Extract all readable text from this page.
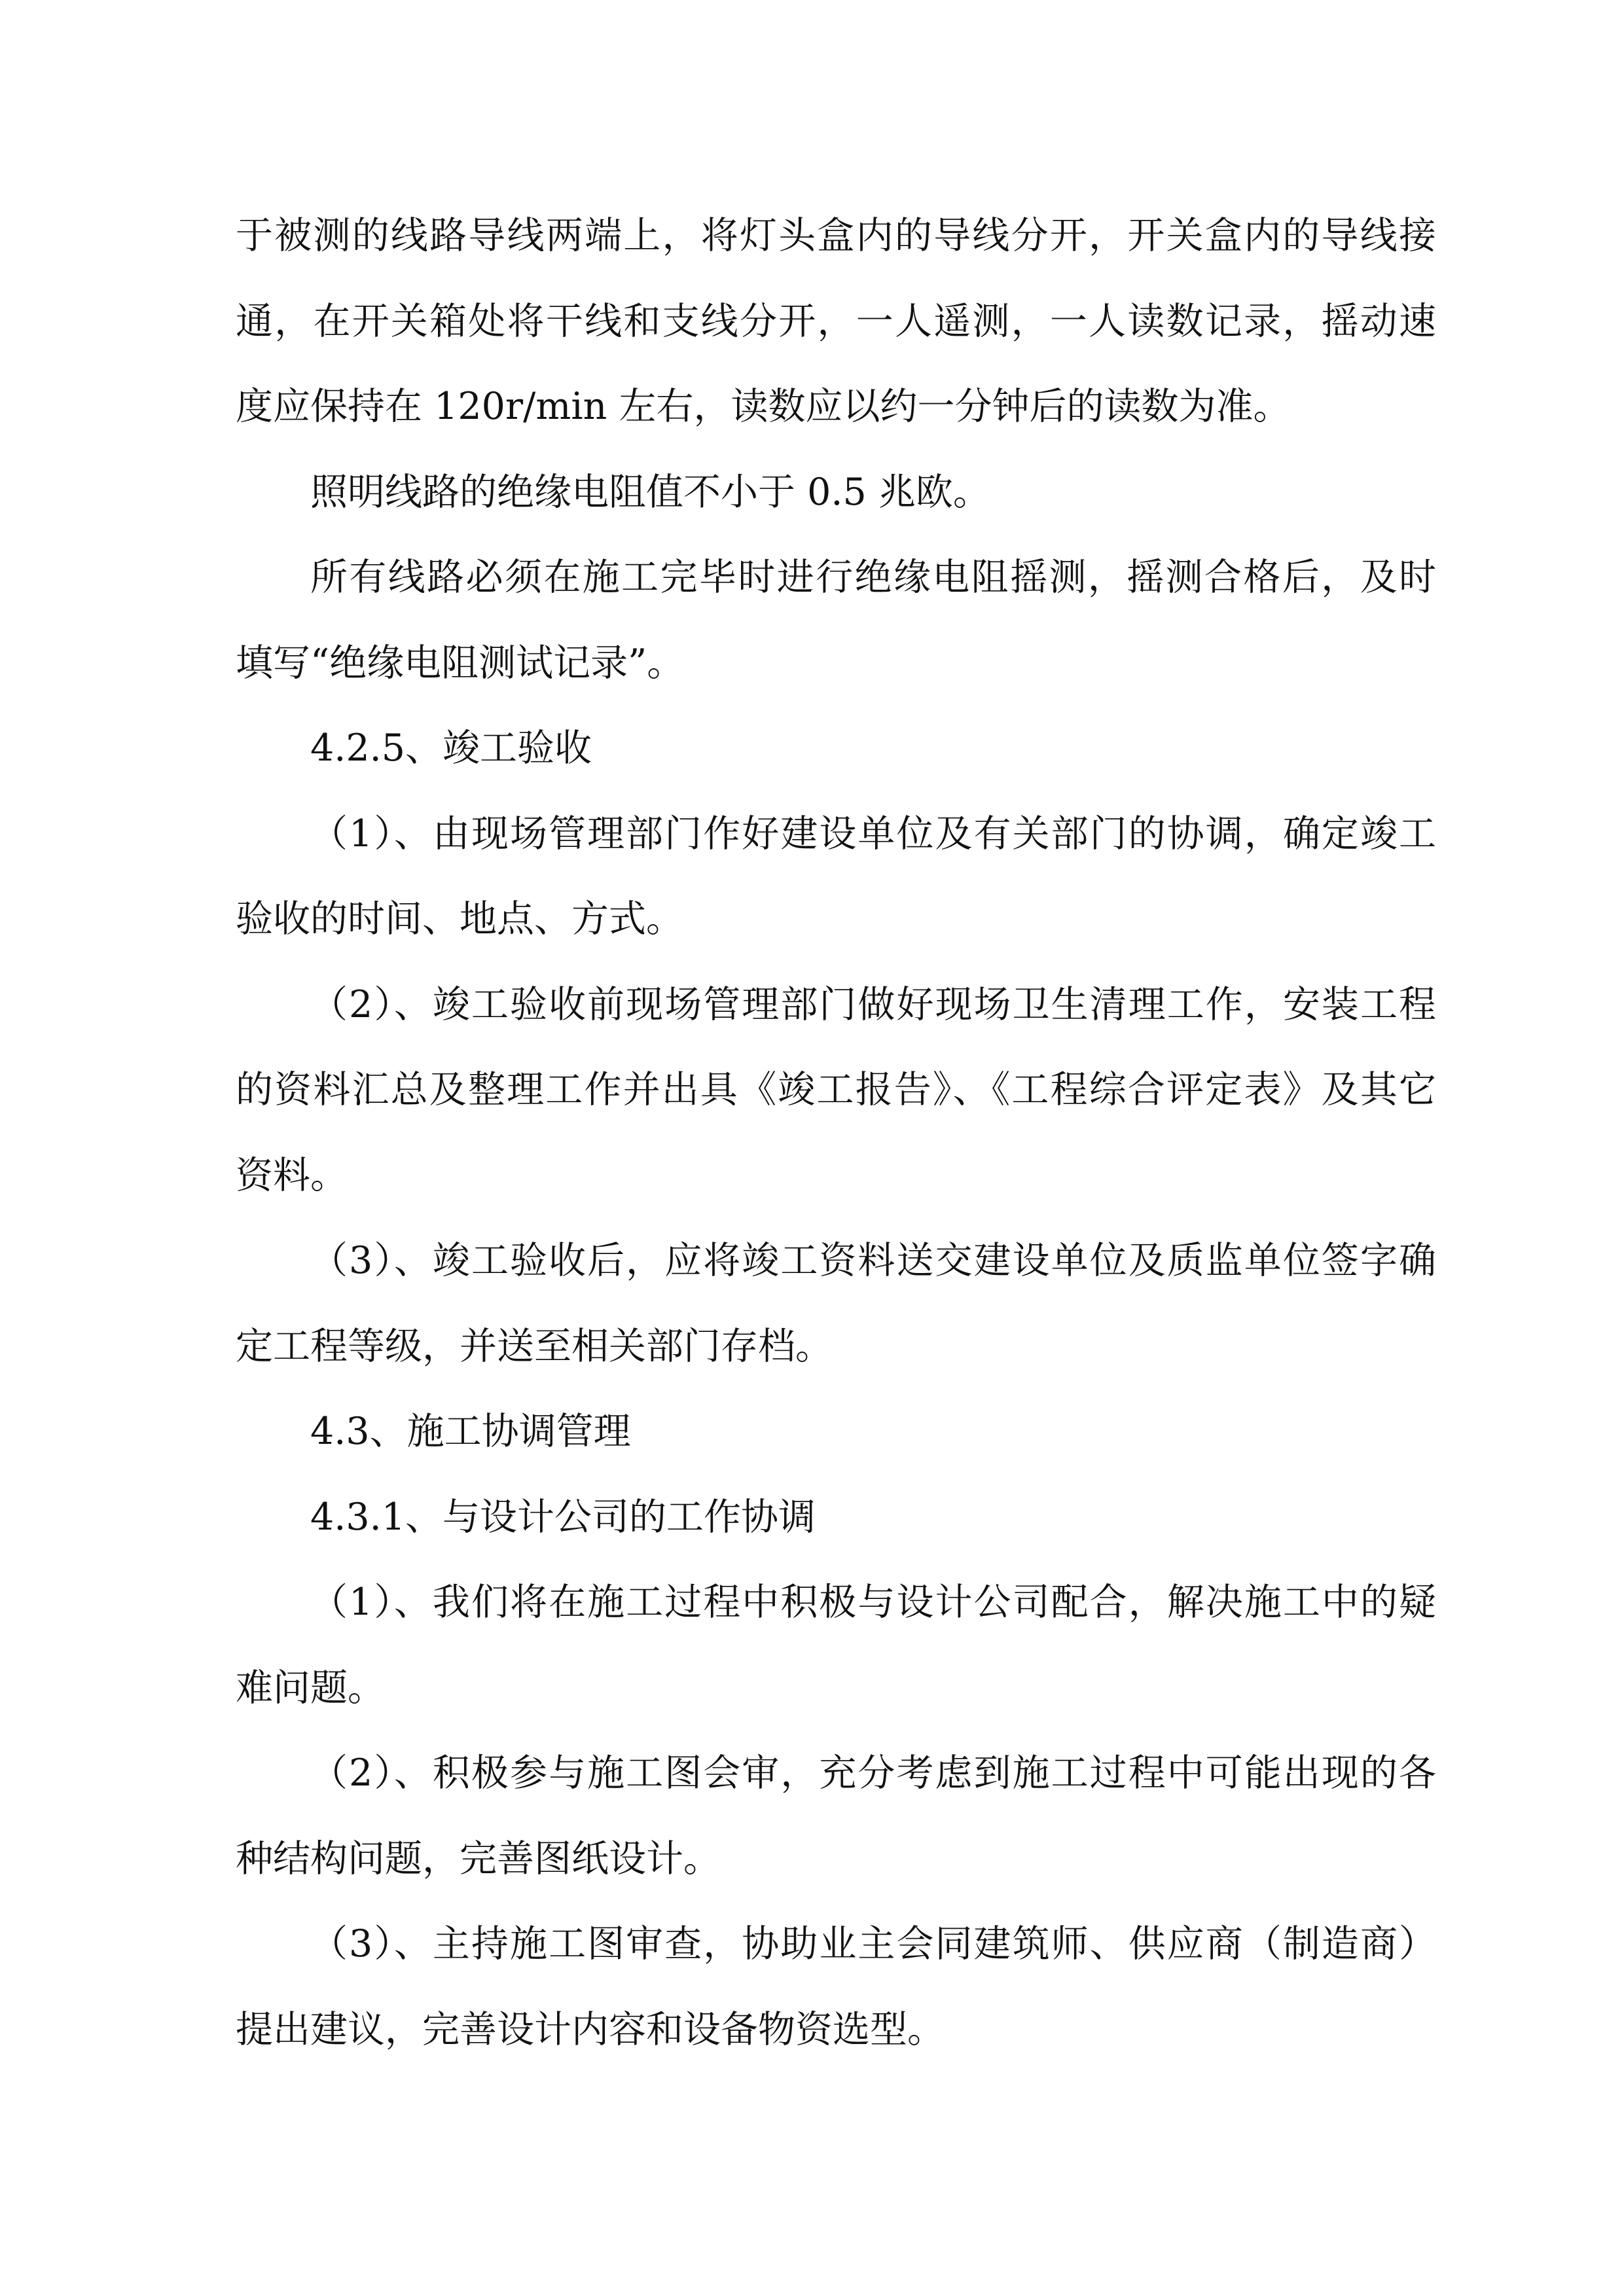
于被测的线路导线两端上，将灯头盒内的导线分开，开关盒内的导线接
通，在开关箱处将干线和支线分开，一人遥测，一人读数记录，摇动速
度应保持在 120r/min 左右，读数应以约一分钟后的读数为准。
照明线路的绝缘电阻值不小于 0.5 兆欧。
所有线路必须在施工完毕时进行绝缘电阻摇测，摇测合格后，及时
填写“绝缘电阻测试记录”。
4.2.5、竣工验收
（1）、由现场管理部门作好建设单位及有关部门的协调，确定竣工
验收的时间、地点、方式。
（2）、竣工验收前现场管理部门做好现场卫生清理工作，安装工程
的资料汇总及整理工作并出具《竣工报告》、《工程综合评定表》及其它
资料。
（3）、竣工验收后，应将竣工资料送交建设单位及质监单位签字确
定工程等级，并送至相关部门存档。
4.3、施工协调管理
4.3.1、与设计公司的工作协调
（1）、我们将在施工过程中积极与设计公司配合，解决施工中的疑
难问题。
（2）、积极参与施工图会审，充分考虑到施工过程中可能出现的各
种结构问题，完善图纸设计。
（3）、主持施工图审查，协助业主会同建筑师、供应商（制造商）
提出建议，完善设计内容和设备物资选型。
